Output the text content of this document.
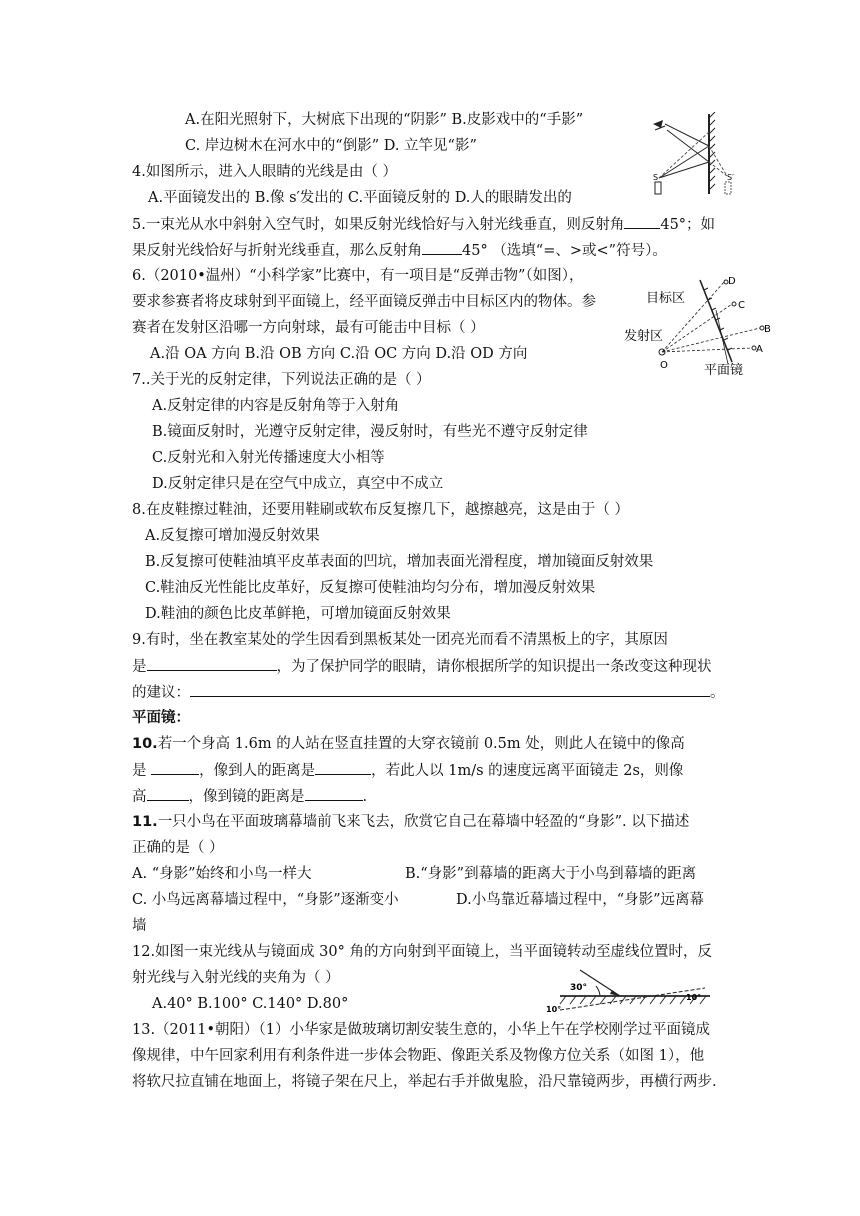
A.在阳光照射下，大树底下出现的“阴影” B.皮影戏中的“手影”
C. 岸边树木在河水中的“倒影” D. 立竿见“影”
4.如图所示，进入人眼睛的光线是由（ ）
A.平面镜发出的 B.像 s′发出的 C.平面镜反射的 D.人的眼睛发出的
S	S′
5.一束光从水中斜射入空气时，如果反射光线恰好与入射光线垂直，则反射角 45°；如
果反射光线恰好与折射光线垂直，那么反射角	45° （选填“=、>或<”符号）。
6.（2010•温州）“小科学家”比赛中，有一项目是“反弹击物”（如图），
要求参赛者将皮球射到平面镜上，经平面镜反弹击中目标区内的物体。参
赛者在发射区沿哪一方向射球，最有可能击中目标（ ）
A.沿 OA 方向 B.沿 OB 方向 C.沿 OC 方向 D.沿 OD 方向
目标区
发射区
平面镜
O
A
B
C
D
7..关于光的反射定律，下列说法正确的是（ ）
A.反射定律的内容是反射角等于入射角
B.镜面反射时，光遵守反射定律，漫反射时，有些光不遵守反射定律
C.反射光和入射光传播速度大小相等
D.反射定律只是在空气中成立，真空中不成立
8.在皮鞋擦过鞋油，还要用鞋刷或软布反复擦几下，越擦越亮，这是由于（ ）
A.反复擦可增加漫反射效果
B.反复擦可使鞋油填平皮革表面的凹坑，增加表面光滑程度，增加镜面反射效果
C.鞋油反光性能比皮革好，反复擦可使鞋油均匀分布，增加漫反射效果
D.鞋油的颜色比皮革鲜艳，可增加镜面反射效果
9.有时，坐在教室某处的学生因看到黑板某处一团亮光而看不清黑板上的字，其原因
是	，为了保护同学的眼睛，请你根据所学的知识提出一条改变这种现状
的建议：	。
平面镜：
10.若一个身高 1.6m 的人站在竖直挂置的大穿衣镜前 0.5m 处，则此人在镜中的像高
是	，像到人的距离是	，若此人以 1m/s 的速度远离平面镜走 2s，则像
高	，像到镜的距离是	.
11.一只小鸟在平面玻璃幕墙前飞来飞去，欣赏它自己在幕墙中轻盈的“身影”. 以下描述
正确的是（ ）
A. “身影”始终和小鸟一样大	B.“身影”到幕墙的距离大于小鸟到幕墙的距离
C. 小鸟远离幕墙过程中，“身影”逐渐变小	D.小鸟靠近幕墙过程中，“身影”远离幕
墙
12.如图一束光线从与镜面成 30° 角的方向射到平面镜上，当平面镜转动至虚线位置时，反
射光线与入射光线的夹角为（ ）
A.40° B.100° C.140° D.80°
30°
10°
10°
13.（2011•朝阳）（1）小华家是做玻璃切割安装生意的，小华上午在学校刚学过平面镜成
像规律，中午回家利用有利条件进一步体会物距、像距关系及物像方位关系（如图 1），他
将软尺拉直铺在地面上，将镜子架在尺上，举起右手并做鬼脸，沿尺靠镜两步，再横行两步.
